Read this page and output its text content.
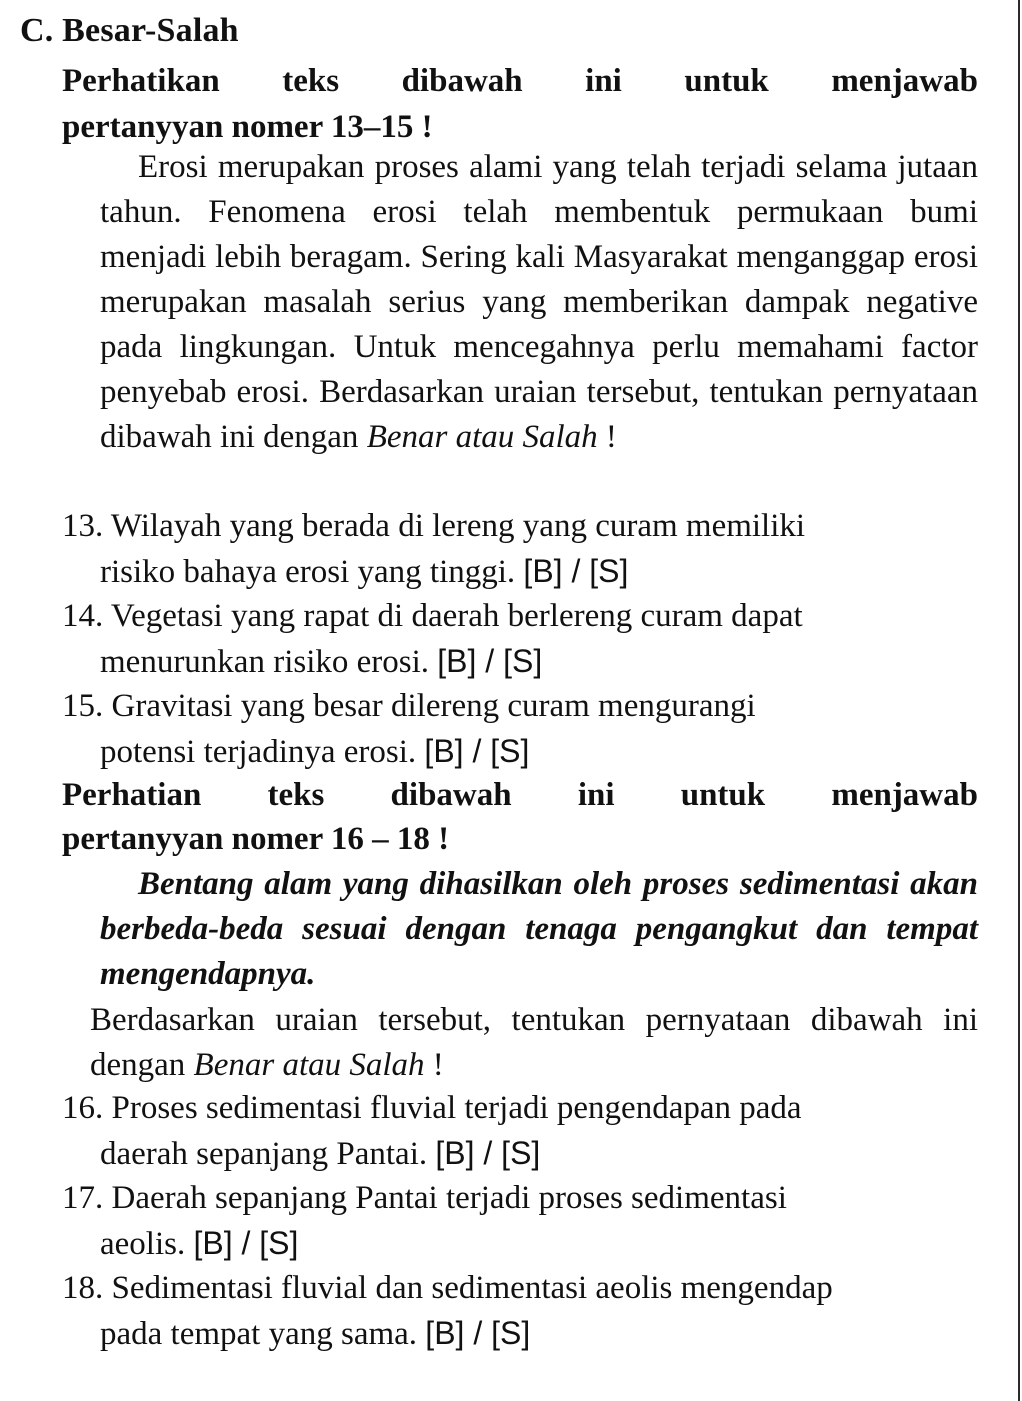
C. Besar-Salah
Perhatikan teks dibawah ini untuk menjawab
pertanyyan nomer 13–15 !
Erosi merupakan proses alami yang telah terjadi selama jutaan tahun. Fenomena erosi telah membentuk permukaan bumi menjadi lebih beragam. Sering kali Masyarakat menganggap erosi merupakan masalah serius yang memberikan dampak negative pada lingkungan. Untuk mencegahnya perlu memahami factor penyebab erosi. Berdasarkan uraian tersebut, tentukan pernyataan dibawah ini dengan Benar atau Salah !
13. Wilayah yang berada di lereng yang curam memiliki
risiko bahaya erosi yang tinggi. [B] / [S]
14. Vegetasi yang rapat di daerah berlereng curam dapat
menurunkan risiko erosi. [B] / [S]
15. Gravitasi yang besar dilereng curam mengurangi
potensi terjadinya erosi. [B] / [S]
Perhatian teks dibawah ini untuk menjawab
pertanyyan nomer 16 – 18 !
Bentang alam yang dihasilkan oleh proses sedimentasi akan berbeda-beda sesuai dengan tenaga pengangkut dan tempat mengendapnya.
Berdasarkan uraian tersebut, tentukan pernyataan dibawah ini dengan Benar atau Salah !
16. Proses sedimentasi fluvial terjadi pengendapan pada
daerah sepanjang Pantai. [B] / [S]
17. Daerah sepanjang Pantai terjadi proses sedimentasi
aeolis. [B] / [S]
18. Sedimentasi fluvial dan sedimentasi aeolis mengendap
pada tempat yang sama. [B] / [S]
